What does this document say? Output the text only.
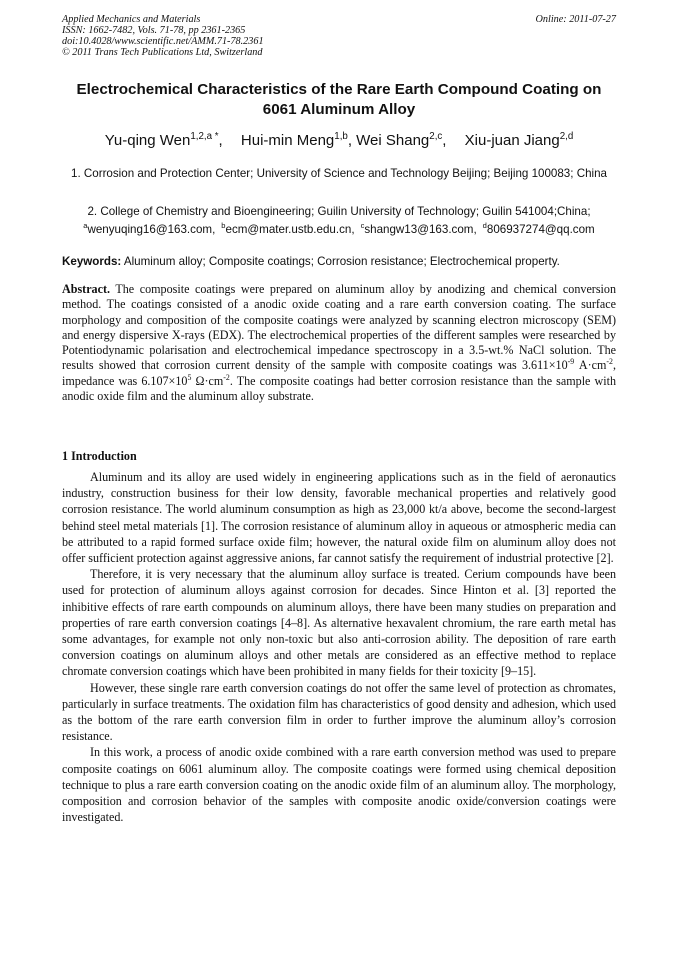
Applied Mechanics and Materials
ISSN: 1662-7482, Vols. 71-78, pp 2361-2365
doi:10.4028/www.scientific.net/AMM.71-78.2361
© 2011 Trans Tech Publications Ltd, Switzerland
Online: 2011-07-27
Electrochemical Characteristics of the Rare Earth Compound Coating on 6061 Aluminum Alloy
Yu-qing Wen$^{1,2,a *}$, Hui-min Meng$^{1,b}$, Wei Shang$^{2,c}$, Xiu-juan Jiang$^{2,d}$
1. Corrosion and Protection Center; University of Science and Technology Beijing; Beijing 100083; China
2. College of Chemistry and Bioengineering; Guilin University of Technology; Guilin 541004;China;
$^a$wenyuqing16@163.com, $^b$ecm@mater.ustb.edu.cn, $^c$shangw13@163.com, $^d$806937274@qq.com
Keywords: Aluminum alloy; Composite coatings; Corrosion resistance; Electrochemical property.
Abstract. The composite coatings were prepared on aluminum alloy by anodizing and chemical conversion method. The coatings consisted of a anodic oxide coating and a rare earth conversion coating. The surface morphology and composition of the composite coatings were analyzed by scanning electron microscopy (SEM) and energy dispersive X-rays (EDX). The electrochemical properties of the different samples were researched by Potentiodynamic polarisation and electrochemical impedance spectroscopy in a 3.5-wt.% NaCl solution. The results showed that corrosion current density of the sample with composite coatings was $3.611\times 10^{-9}$ $A\cdot cm^{-2}$, impedance was $6.107\times 10^5$ $\Omega\cdot cm^{-2}$. The composite coatings had better corrosion resistance than the sample with anodic oxide film and the aluminum alloy substrate.
1 Introduction

Aluminum and its alloy are used widely in engineering applications such as in the field of aeronautics industry, construction business for their low density, favorable mechanical properties and relatively good corrosion resistance. The world aluminum consumption as high as 23,000 kt/a above, become the second-largest behind steel metal materials [1]. The corrosion resistance of aluminum alloy in aqueous or atmospheric media can be attributed to a rapid formed surface oxide film; however, the natural oxide film on aluminum alloy does not offer sufficient protection against aggressive anions, far cannot satisfy the requirement of industrial protective [2].

Therefore, it is very necessary that the aluminum alloy surface is treated. Cerium compounds have been used for protection of aluminum alloys against corrosion for decades. Since Hinton et al. [3] reported the inhibitive effects of rare earth compounds on aluminum alloys, there have been many studies on preparation and properties of rare earth conversion coatings [4–8]. As alternative hexavalent chromium, the rare earth metal has some advantages, for example not only non-toxic but also anti-corrosion ability. The deposition of rare earth conversion coatings on aluminum alloys and other metals are considered as an effective method to replace chromate conversion coatings which have been prohibited in many fields for their toxicity [9–15].

However, these single rare earth conversion coatings do not offer the same level of protection as chromates, particularly in surface treatments. The oxidation film has characteristics of good density and adhesion, which used as the bottom of the rare earth conversion film in order to further improve the aluminum alloy’s corrosion resistance.

In this work, a process of anodic oxide combined with a rare earth conversion method was used to prepare composite coatings on 6061 aluminum alloy. The composite coatings were formed using chemical deposition technique to plus a rare earth conversion coating on the anodic oxide film of an aluminum alloy. The morphology, composition and corrosion behavior of the samples with composite anodic oxide/conversion coatings were investigated.
